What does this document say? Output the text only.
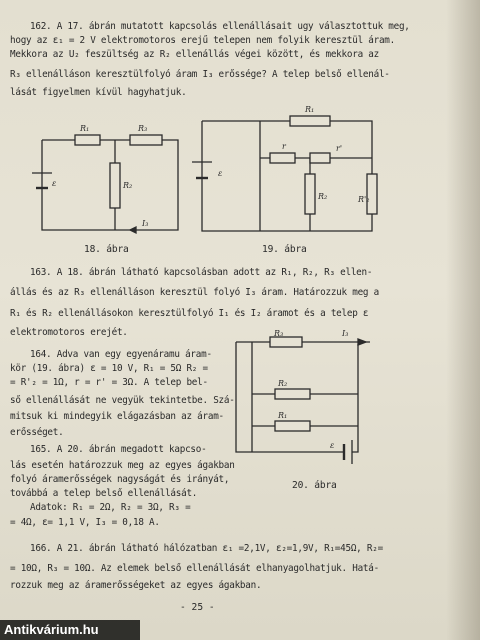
162. A 17. ábrán mutatott kapcsolás ellenállásait ugy választottuk meg,
hogy az ε₁ = 2 V elektromotoros erejű telepen nem folyik keresztül áram.
Mekkora az U₂ feszültség az R₂ ellenállás végei között, és mekkora az
R₃ ellenálláson keresztülfolyó áram I₃ erőssége? A telep belső ellenál-
lását figyelmen kívül hagyhatjuk.
163. A 18. ábrán látható kapcsolásban adott az R₁, R₂, R₃ ellen-
állás és az R₃ ellenálláson keresztül folyó I₃ áram. Határozzuk meg a
R₁ és R₂ ellenállásokon keresztülfolyó I₁ és I₂ áramot és a telep ε
elektromotoros erejét.
164. Adva van egy egyenáramu áram-
kör (19. ábra) ε = 10 V, R₁ = 5Ω R₂ =
= R'₂ = 1Ω, r = r' = 3Ω. A telep bel-
ső ellenállását ne vegyük tekintetbe. Szá-
mitsuk ki mindegyik elágazásban az áram-
erősséget.
165. A 20. ábrán megadott kapcso-
lás esetén határozzuk meg az egyes ágakban
folyó áramerősségek nagyságát és irányát,
továbbá a telep belső ellenállását.
Adatok: R₁ = 2Ω, R₂ = 3Ω, R₃ =
= 4Ω, ε= 1,1 V, I₃ = 0,18 A.
166. A 21. ábrán látható hálózatban ε₁ =2,1V, ε₂=1,9V, R₁=45Ω, R₂=
= 10Ω, R₃ = 10Ω. Az elemek belső ellenállását elhanyagolhatjuk. Hatá-
rozzuk meg az áramerősségeket az egyes ágakban.
R₁	R₃
R₂
ε
I₃
R₁
r	r'
R₂	R'₂
ε
R₃
R₂
R₁
I₃
ε
18. ábra	19. ábra
20. ábra
- 25 -
Antikvárium.hu
